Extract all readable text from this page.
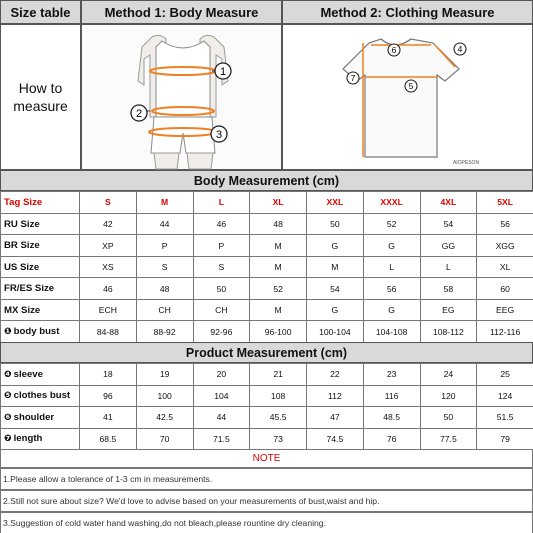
Size table	Method 1: Body Measure	Method 2: Clothing Measure
How to
measure
1
2
3
6	4
7
5
AIOPESON
Body Measurement (cm)
Tag Size	S	M	L	XL	XXL	XXXL	4XL	5XL
RU Size	42	44	46	48	50	52	54	56
BR Size	XP	P	P	M	G	G	GG	XGG
US Size	XS	S	S	M	M	L	L	XL
FR/ES Size	46	48	50	52	54	56	58	60
MX Size	ECH	CH	CH	M	G	G	EG	EEG
❶ body bust	84-88	88-92	92-96	96-100	100-104	104-108	108-112	112-116
Product Measurement (cm)
❹ sleeve	18	19	20	21	22	23	24	25
❺ clothes bust	96	100	104	108	112	116	120	124
❻ shoulder	41	42.5	44	45.5	47	48.5	50	51.5
❼ length	68.5	70	71.5	73	74.5	76	77.5	79
NOTE
1.Please allow a tolerance of 1-3 cm in measurements.
2.Still not sure about size? We'd love to advise based on your measurements of bust,waist and hip.
3.Suggestion of cold water hand washing,do not bleach,please rountine dry cleaning.
